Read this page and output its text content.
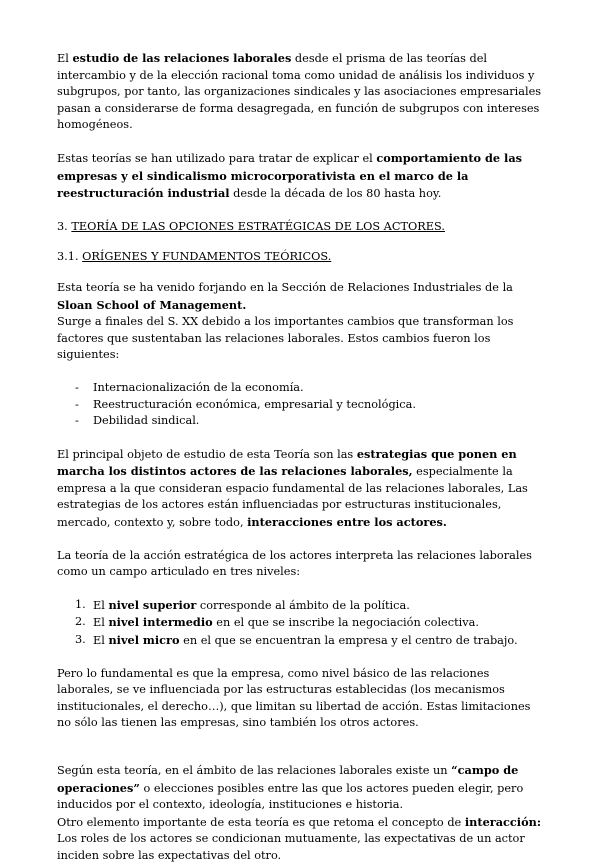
El estudio de las relaciones laborales desde el prisma de las teorías del intercambio y de la elección racional toma como unidad de análisis los individuos y subgrupos, por tanto, las organizaciones sindicales y las asociaciones empresariales pasan a considerarse de forma desagregada, en función de subgrupos con intereses homogéneos.

Estas teorías se han utilizado para tratar de explicar el comportamiento de las empresas y el sindicalismo microcorporativista en el marco de la reestructuración industrial desde la década de los 80 hasta hoy.

3. TEORÍA DE LAS OPCIONES ESTRATÉGICAS DE LOS ACTORES.

3.1. ORÍGENES Y FUNDAMENTOS TEÓRICOS.

Esta teoría se ha venido forjando en la Sección de Relaciones Industriales de la Sloan School of Management.
Surge a finales del S. XX debido a los importantes cambios que transforman los factores que sustentaban las relaciones laborales. Estos cambios fueron los siguientes:

- Internacionalización de la economía.
- Reestructuración económica, empresarial y tecnológica.
- Debilidad sindical.

El principal objeto de estudio de esta Teoría son las estrategias que ponen en marcha los distintos actores de las relaciones laborales, especialmente la empresa a la que consideran espacio fundamental de las relaciones laborales, Las estrategias de los actores están influenciadas por estructuras institucionales, mercado, contexto y, sobre todo, interacciones entre los actores.

La teoría de la acción estratégica de los actores interpreta las relaciones laborales como un campo articulado en tres niveles:

1. El nivel superior corresponde al ámbito de la política.
2. El nivel intermedio en el que se inscribe la negociación colectiva.
3. El nivel micro en el que se encuentran la empresa y el centro de trabajo.

Pero lo fundamental es que la empresa, como nivel básico de las relaciones laborales, se ve influenciada por las estructuras establecidas (los mecanismos institucionales, el derecho…), que limitan su libertad de acción. Estas limitaciones no sólo las tienen las empresas, sino también los otros actores.

Según esta teoría, en el ámbito de las relaciones laborales existe un “campo de operaciones” o elecciones posibles entre las que los actores pueden elegir, pero inducidos por el contexto, ideología, instituciones e historia.
Otro elemento importante de esta teoría es que retoma el concepto de interacción: Los roles de los actores se condicionan mutuamente, las expectativas de un actor inciden sobre las expectativas del otro.
